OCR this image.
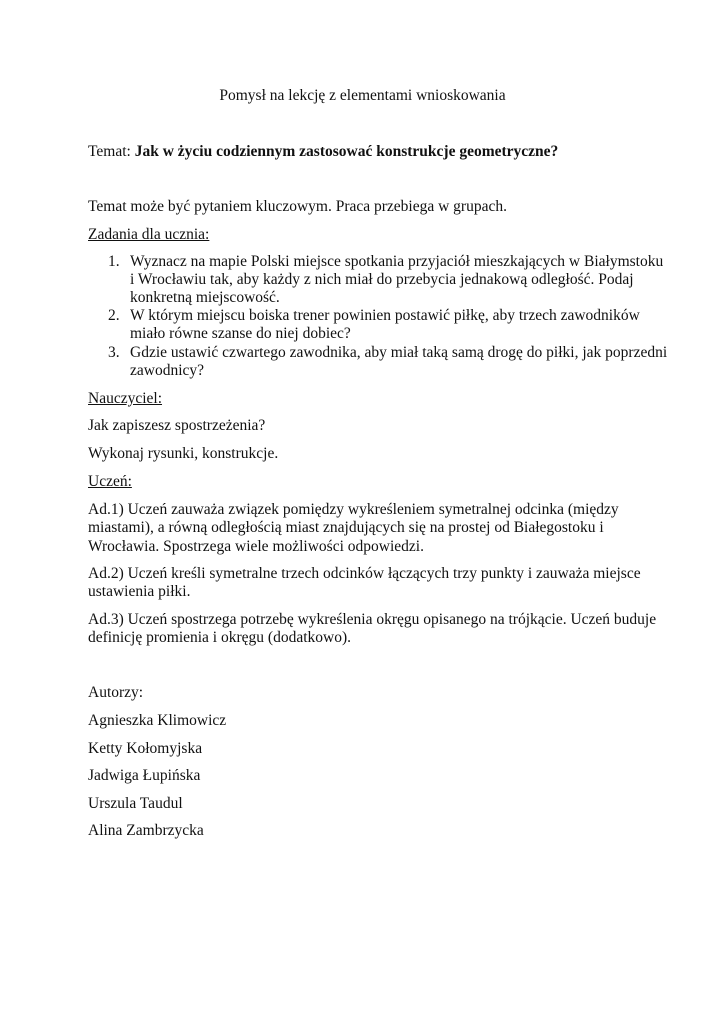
Pomysł na lekcję z elementami wnioskowania
Temat: Jak w życiu codziennym zastosować konstrukcje geometryczne?
Temat może być pytaniem kluczowym. Praca przebiega w grupach.
Zadania dla ucznia:
1. Wyznacz na mapie Polski miejsce spotkania przyjaciół mieszkających w Białymstoku
i Wrocławiu tak, aby każdy z nich miał do przebycia jednakową odległość. Podaj
konkretną miejscowość.
2. W którym miejscu boiska trener powinien postawić piłkę, aby trzech zawodników
miało równe szanse do niej dobiec?
3. Gdzie ustawić czwartego zawodnika, aby miał taką samą drogę do piłki, jak poprzedni
zawodnicy?
Nauczyciel:
Jak zapiszesz spostrzeżenia?
Wykonaj rysunki, konstrukcje.
Uczeń:
Ad.1) Uczeń zauważa związek pomiędzy wykreśleniem symetralnej odcinka (między
miastami), a równą odległością miast znajdujących się na prostej od Białegostoku i
Wrocławia. Spostrzega wiele możliwości odpowiedzi.
Ad.2) Uczeń kreśli symetralne trzech odcinków łączących trzy punkty i zauważa miejsce
ustawienia piłki.
Ad.3) Uczeń spostrzega potrzebę wykreślenia okręgu opisanego na trójkącie. Uczeń buduje
definicję promienia i okręgu (dodatkowo).
Autorzy:
Agnieszka Klimowicz
Ketty Kołomyjska
Jadwiga Łupińska
Urszula Taudul
Alina Zambrzycka
